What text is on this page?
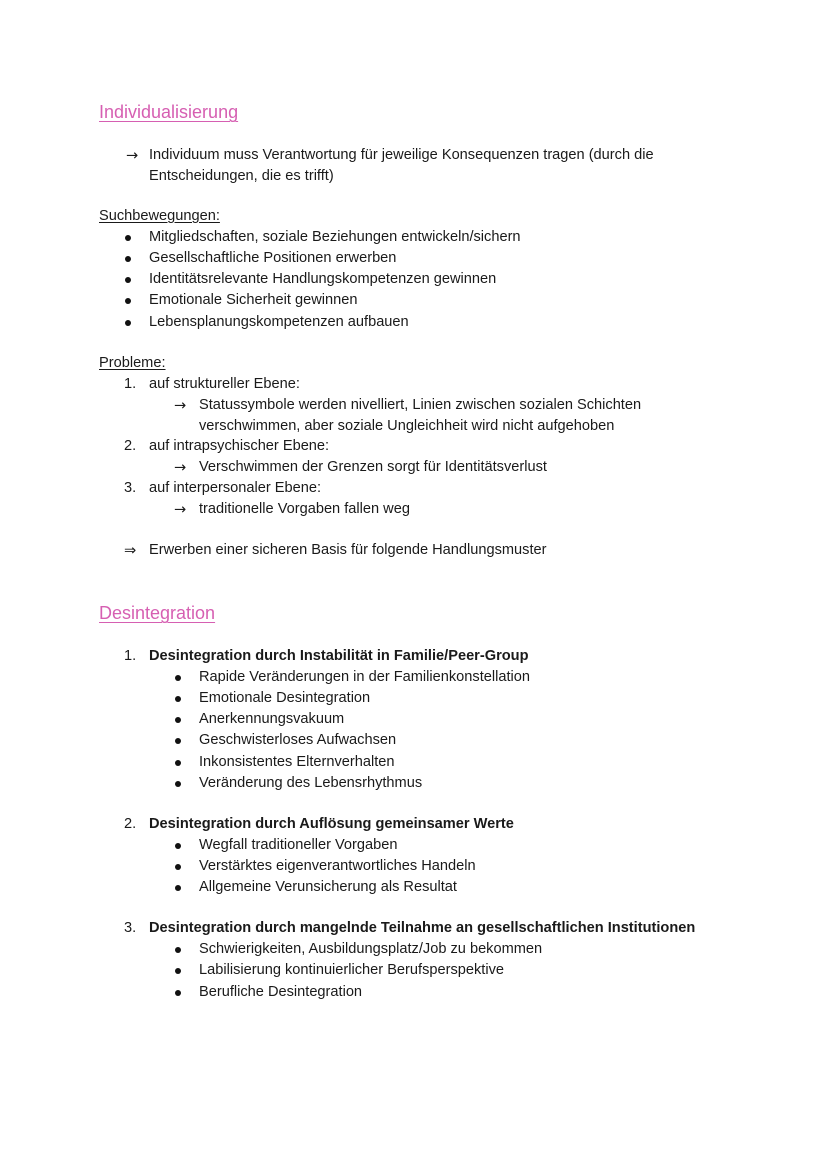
Individualisierung
→ Individuum muss Verantwortung für jeweilige Konsequenzen tragen (durch die
Entscheidungen, die es trifft)
Suchbewegungen:
Mitgliedschaften, soziale Beziehungen entwickeln/sichern
Gesellschaftliche Positionen erwerben
Identitätsrelevante Handlungskompetenzen gewinnen
Emotionale Sicherheit gewinnen
Lebensplanungskompetenzen aufbauen
Probleme:
1. auf struktureller Ebene:
→ Statussymbole werden nivelliert, Linien zwischen sozialen Schichten
verschwimmen, aber soziale Ungleichheit wird nicht aufgehoben
2. auf intrapsychischer Ebene:
→ Verschwimmen der Grenzen sorgt für Identitätsverlust
3. auf interpersonaler Ebene:
→ traditionelle Vorgaben fallen weg
⇒ Erwerben einer sicheren Basis für folgende Handlungsmuster
Desintegration
1. Desintegration durch Instabilität in Familie/Peer-Group
Rapide Veränderungen in der Familienkonstellation
Emotionale Desintegration
Anerkennungsvakuum
Geschwisterloses Aufwachsen
Inkonsistentes Elternverhalten
Veränderung des Lebensrhythmus
2. Desintegration durch Auflösung gemeinsamer Werte
Wegfall traditioneller Vorgaben
Verstärktes eigenverantwortliches Handeln
Allgemeine Verunsicherung als Resultat
3. Desintegration durch mangelnde Teilnahme an gesellschaftlichen Institutionen
Schwierigkeiten, Ausbildungsplatz/Job zu bekommen
Labilisierung kontinuierlicher Berufsperspektive
Berufliche Desintegration
